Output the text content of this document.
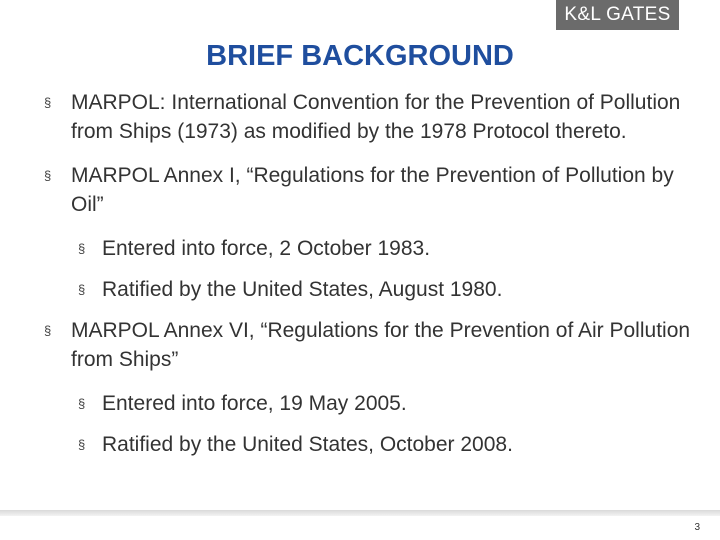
K&L GATES
BRIEF BACKGROUND
§ MARPOL: International Convention for the Prevention of Pollution from Ships (1973) as modified by the 1978 Protocol thereto.
§ MARPOL Annex I, “Regulations for the Prevention of Pollution by Oil”
§ Entered into force, 2 October 1983.
§ Ratified by the United States, August 1980.
§ MARPOL Annex VI, “Regulations for the Prevention of Air Pollution from Ships”
§ Entered into force, 19 May 2005.
§ Ratified by the United States, October 2008.
3
